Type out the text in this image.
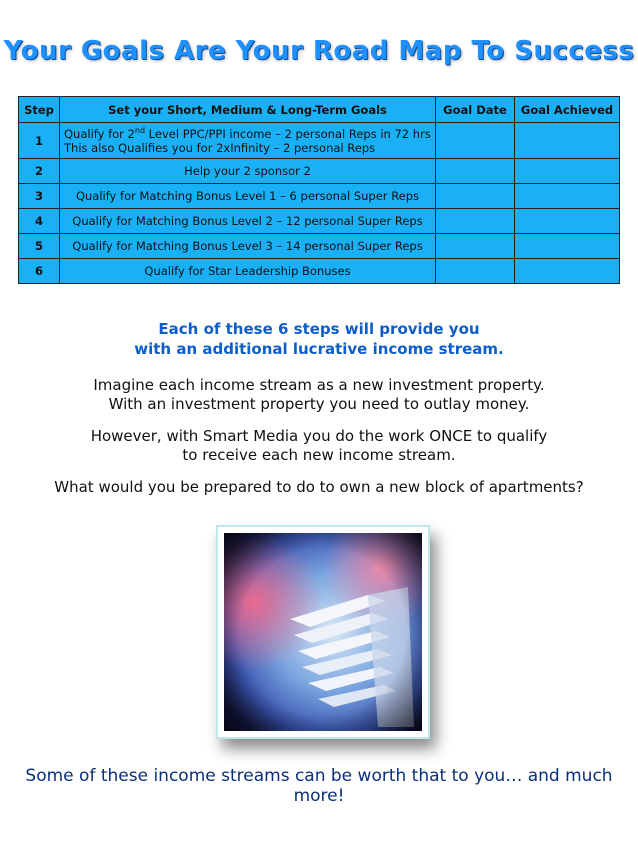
Your Goals Are Your Road Map To Success
Step	Set your Short, Medium & Long-Term Goals	Goal Date	Goal Achieved
1	Qualify for 2nd Level PPC/PPI income – 2 personal Reps in 72 hrs
This also Qualifies you for 2xInfinity – 2 personal Reps		
2	Help your 2 sponsor 2		
3	Qualify for Matching Bonus Level 1 – 6 personal Super Reps		
4	Qualify for Matching Bonus Level 2 – 12 personal Super Reps		
5	Qualify for Matching Bonus Level 3 – 14 personal Super Reps		
6	Qualify for Star Leadership Bonuses		
Each of these 6 steps will provide you
with an additional lucrative income stream.
Imagine each income stream as a new investment property.
With an investment property you need to outlay money.
However, with Smart Media you do the work ONCE to qualify
to receive each new income stream.
What would you be prepared to do to own a new block of apartments?
Some of these income streams can be worth that to you… and much more!
